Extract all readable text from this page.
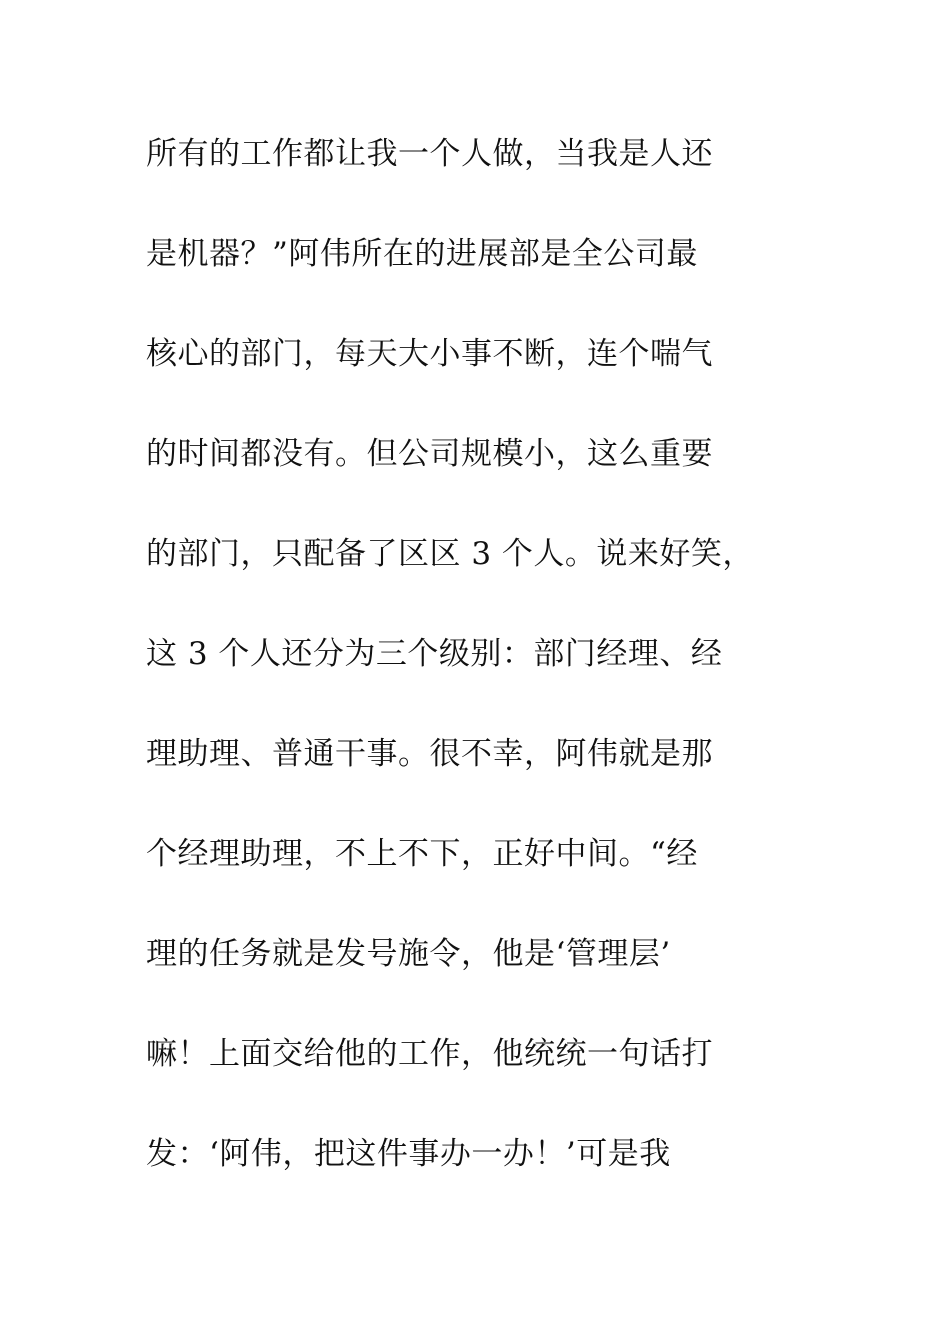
所有的工作都让我一个人做，当我是人还
是机器？”阿伟所在的进展部是全公司最
核心的部门，每天大小事不断，连个喘气
的时间都没有。但公司规模小，这么重要
的部门，只配备了区区 3 个人。说来好笑，
这 3 个人还分为三个级别：部门经理、经
理助理、普通干事。很不幸，阿伟就是那
个经理助理，不上不下，正好中间。“经
理的任务就是发号施令，他是‘管理层’
嘛！上面交给他的工作，他统统一句话打
发：‘阿伟，把这件事办一办！’可是我
